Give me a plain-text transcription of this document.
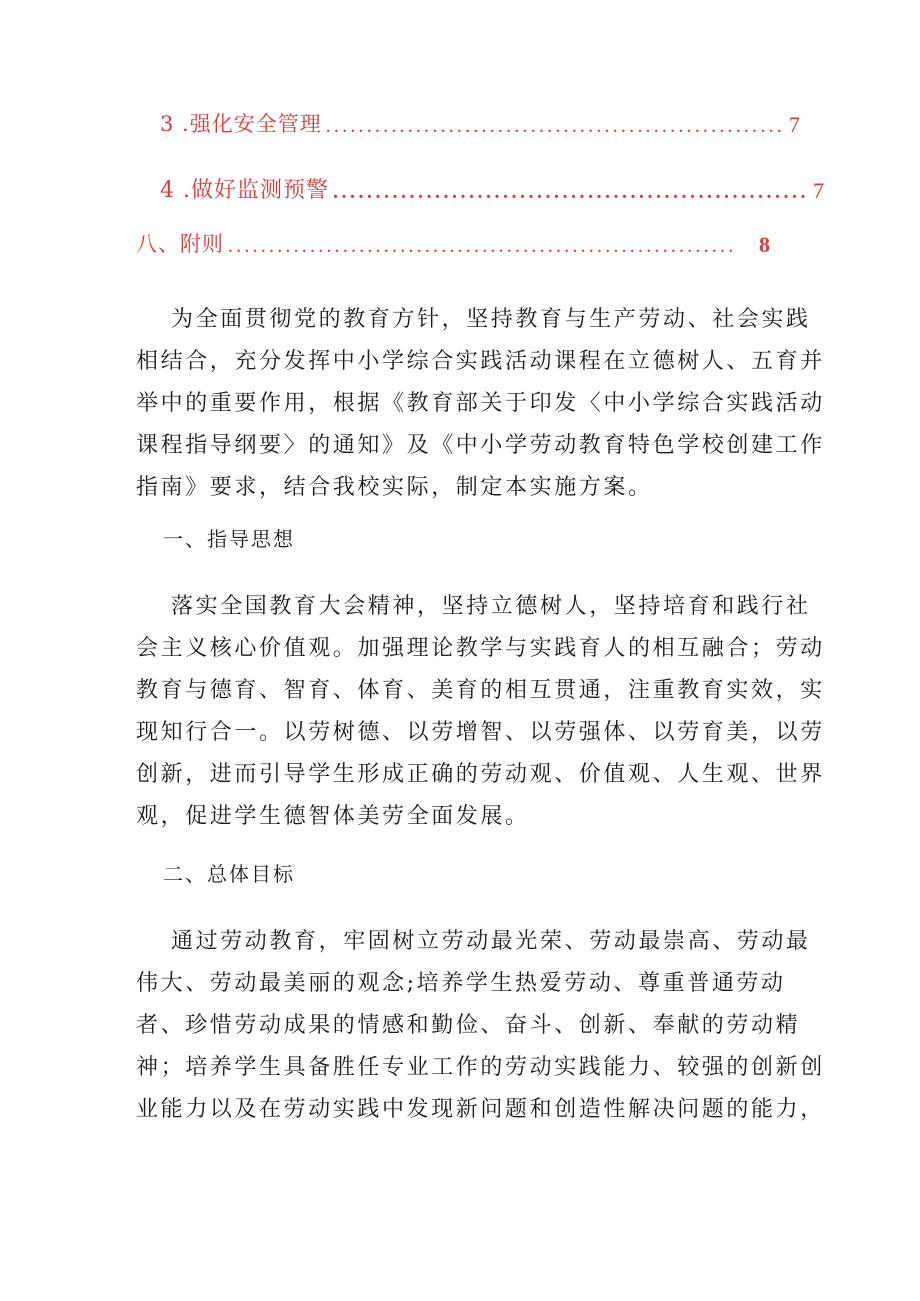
3 .强化安全管理 ........................................................ 7
4 .做好监测预警 ........................................................ 7
八、附则 ..............................................................	8
为全面贯彻党的教育方针，坚持教育与生产劳动、社会实践
相结合，充分发挥中小学综合实践活动课程在立德树人、五育并
举中的重要作用，根据《教育部关于印发〈中小学综合实践活动
课程指导纲要〉的通知》及《中小学劳动教育特色学校创建工作
指南》要求，结合我校实际，制定本实施方案。
一、指导思想
落实全国教育大会精神，坚持立德树人，坚持培育和践行社
会主义核心价值观。加强理论教学与实践育人的相互融合；劳动
教育与德育、智育、体育、美育的相互贯通，注重教育实效，实
现知行合一。以劳树德、以劳增智、以劳强体、以劳育美，以劳
创新，进而引导学生形成正确的劳动观、价值观、人生观、世界
观，促进学生德智体美劳全面发展。
二、总体目标
通过劳动教育，牢固树立劳动最光荣、劳动最崇高、劳动最
伟大、劳动最美丽的观念;培养学生热爱劳动、尊重普通劳动
者、珍惜劳动成果的情感和勤俭、奋斗、创新、奉献的劳动精
神；培养学生具备胜任专业工作的劳动实践能力、较强的创新创
业能力以及在劳动实践中发现新问题和创造性解决问题的能力，
